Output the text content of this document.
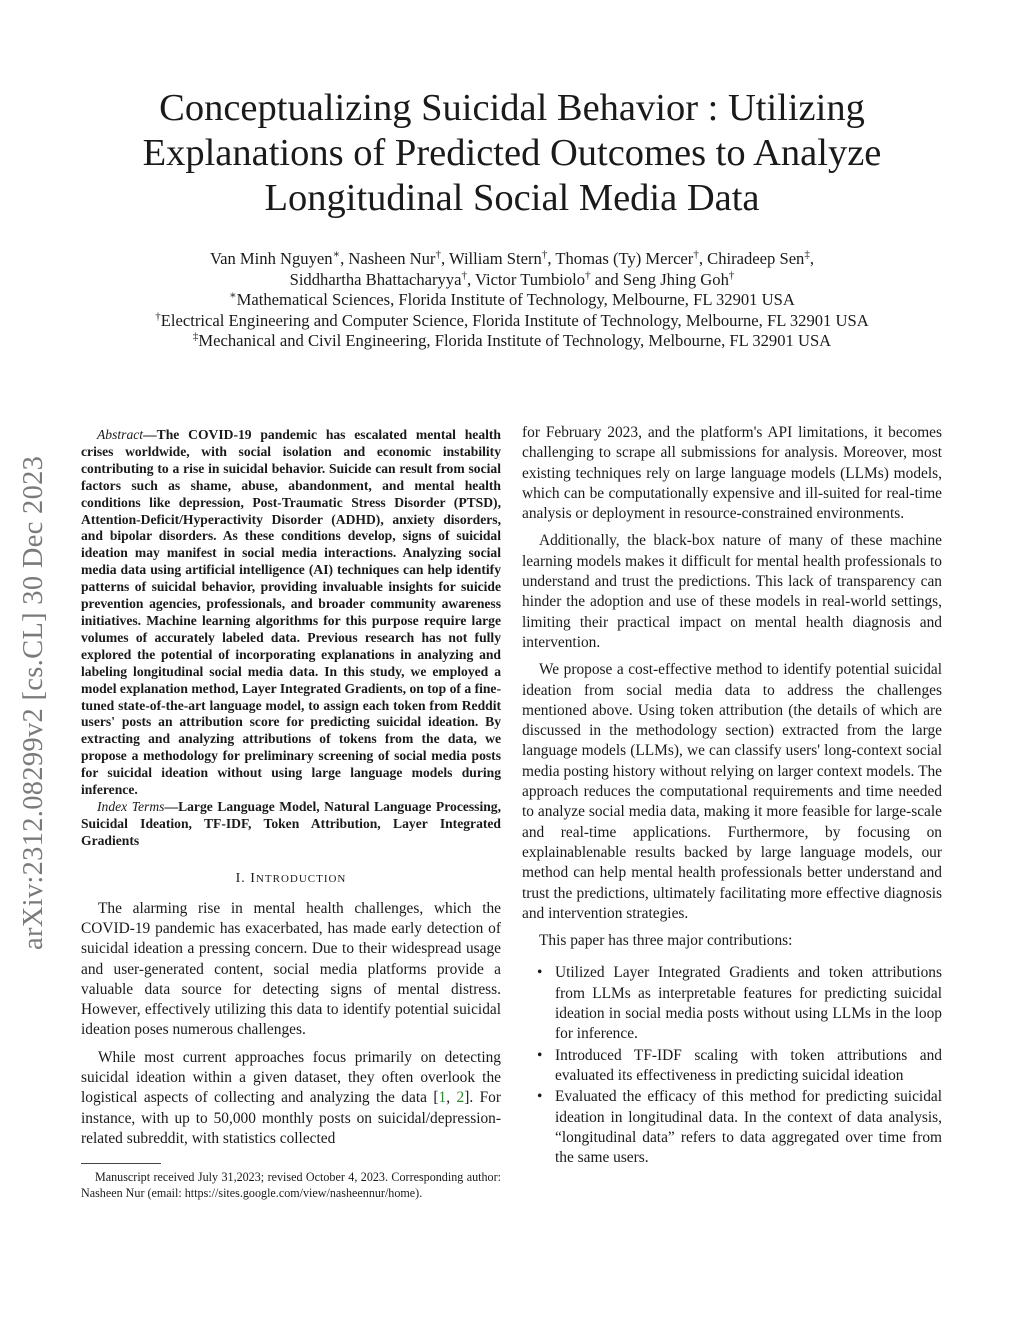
arXiv:2312.08299v2 [cs.CL] 30 Dec 2023
Conceptualizing Suicidal Behavior : Utilizing Explanations of Predicted Outcomes to Analyze Longitudinal Social Media Data
Van Minh Nguyen∗, Nasheen Nur†, William Stern†, Thomas (Ty) Mercer†, Chiradeep Sen‡,
Siddhartha Bhattacharyya†, Victor Tumbiolo† and Seng Jhing Goh†
∗Mathematical Sciences, Florida Institute of Technology, Melbourne, FL 32901 USA
†Electrical Engineering and Computer Science, Florida Institute of Technology, Melbourne, FL 32901 USA
‡Mechanical and Civil Engineering, Florida Institute of Technology, Melbourne, FL 32901 USA

Abstract—The COVID-19 pandemic has escalated mental health crises worldwide, with social isolation and economic instability contributing to a rise in suicidal behavior. Suicide can result from social factors such as shame, abuse, abandonment, and mental health conditions like depression, Post-Traumatic Stress Disorder (PTSD), Attention-Deficit/Hyperactivity Disorder (ADHD), anxiety disorders, and bipolar disorders. As these conditions develop, signs of suicidal ideation may manifest in social media interactions. Analyzing social media data using artificial intelligence (AI) techniques can help identify patterns of suicidal behavior, providing invaluable insights for suicide prevention agencies, professionals, and broader community awareness initiatives. Machine learning algorithms for this purpose require large volumes of accurately labeled data. Previous research has not fully explored the potential of incorporating explanations in analyzing and labeling longitudinal social media data. In this study, we employed a model explanation method, Layer Integrated Gradients, on top of a fine-tuned state-of-the-art language model, to assign each token from Reddit users' posts an attribution score for predicting suicidal ideation. By extracting and analyzing attributions of tokens from the data, we propose a methodology for preliminary screening of social media posts for suicidal ideation without using large language models during inference.

Index Terms—Large Language Model, Natural Language Processing, Suicidal Ideation, TF-IDF, Token Attribution, Layer Integrated Gradients

I. INTRODUCTION

The alarming rise in mental health challenges, which the COVID-19 pandemic has exacerbated, has made early detection of suicidal ideation a pressing concern. Due to their widespread usage and user-generated content, social media platforms provide a valuable data source for detecting signs of mental distress. However, effectively utilizing this data to identify potential suicidal ideation poses numerous challenges.

While most current approaches focus primarily on detecting suicidal ideation within a given dataset, they often overlook the logistical aspects of collecting and analyzing the data [1, 2]. For instance, with up to 50,000 monthly posts on suicidal/depression-related subreddit, with statistics collected

Manuscript received July 31,2023; revised October 4, 2023. Corresponding author: Nasheen Nur (email: https://sites.google.com/view/nasheennur/home).

for February 2023, and the platform's API limitations, it becomes challenging to scrape all submissions for analysis. Moreover, most existing techniques rely on large language models (LLMs) models, which can be computationally expensive and ill-suited for real-time analysis or deployment in resource-constrained environments.

Additionally, the black-box nature of many of these machine learning models makes it difficult for mental health professionals to understand and trust the predictions. This lack of transparency can hinder the adoption and use of these models in real-world settings, limiting their practical impact on mental health diagnosis and intervention.

We propose a cost-effective method to identify potential suicidal ideation from social media data to address the challenges mentioned above. Using token attribution (the details of which are discussed in the methodology section) extracted from the large language models (LLMs), we can classify users' long-context social media posting history without relying on larger context models. The approach reduces the computational requirements and time needed to analyze social media data, making it more feasible for large-scale and real-time applications. Furthermore, by focusing on explainablenable results backed by large language models, our method can help mental health professionals better understand and trust the predictions, ultimately facilitating more effective diagnosis and intervention strategies.

This paper has three major contributions:

• Utilized Layer Integrated Gradients and token attributions from LLMs as interpretable features for predicting suicidal ideation in social media posts without using LLMs in the loop for inference.
• Introduced TF-IDF scaling with token attributions and evaluated its effectiveness in predicting suicidal ideation
• Evaluated the efficacy of this method for predicting suicidal ideation in longitudinal data. In the context of data analysis, “longitudinal data” refers to data aggregated over time from the same users.
